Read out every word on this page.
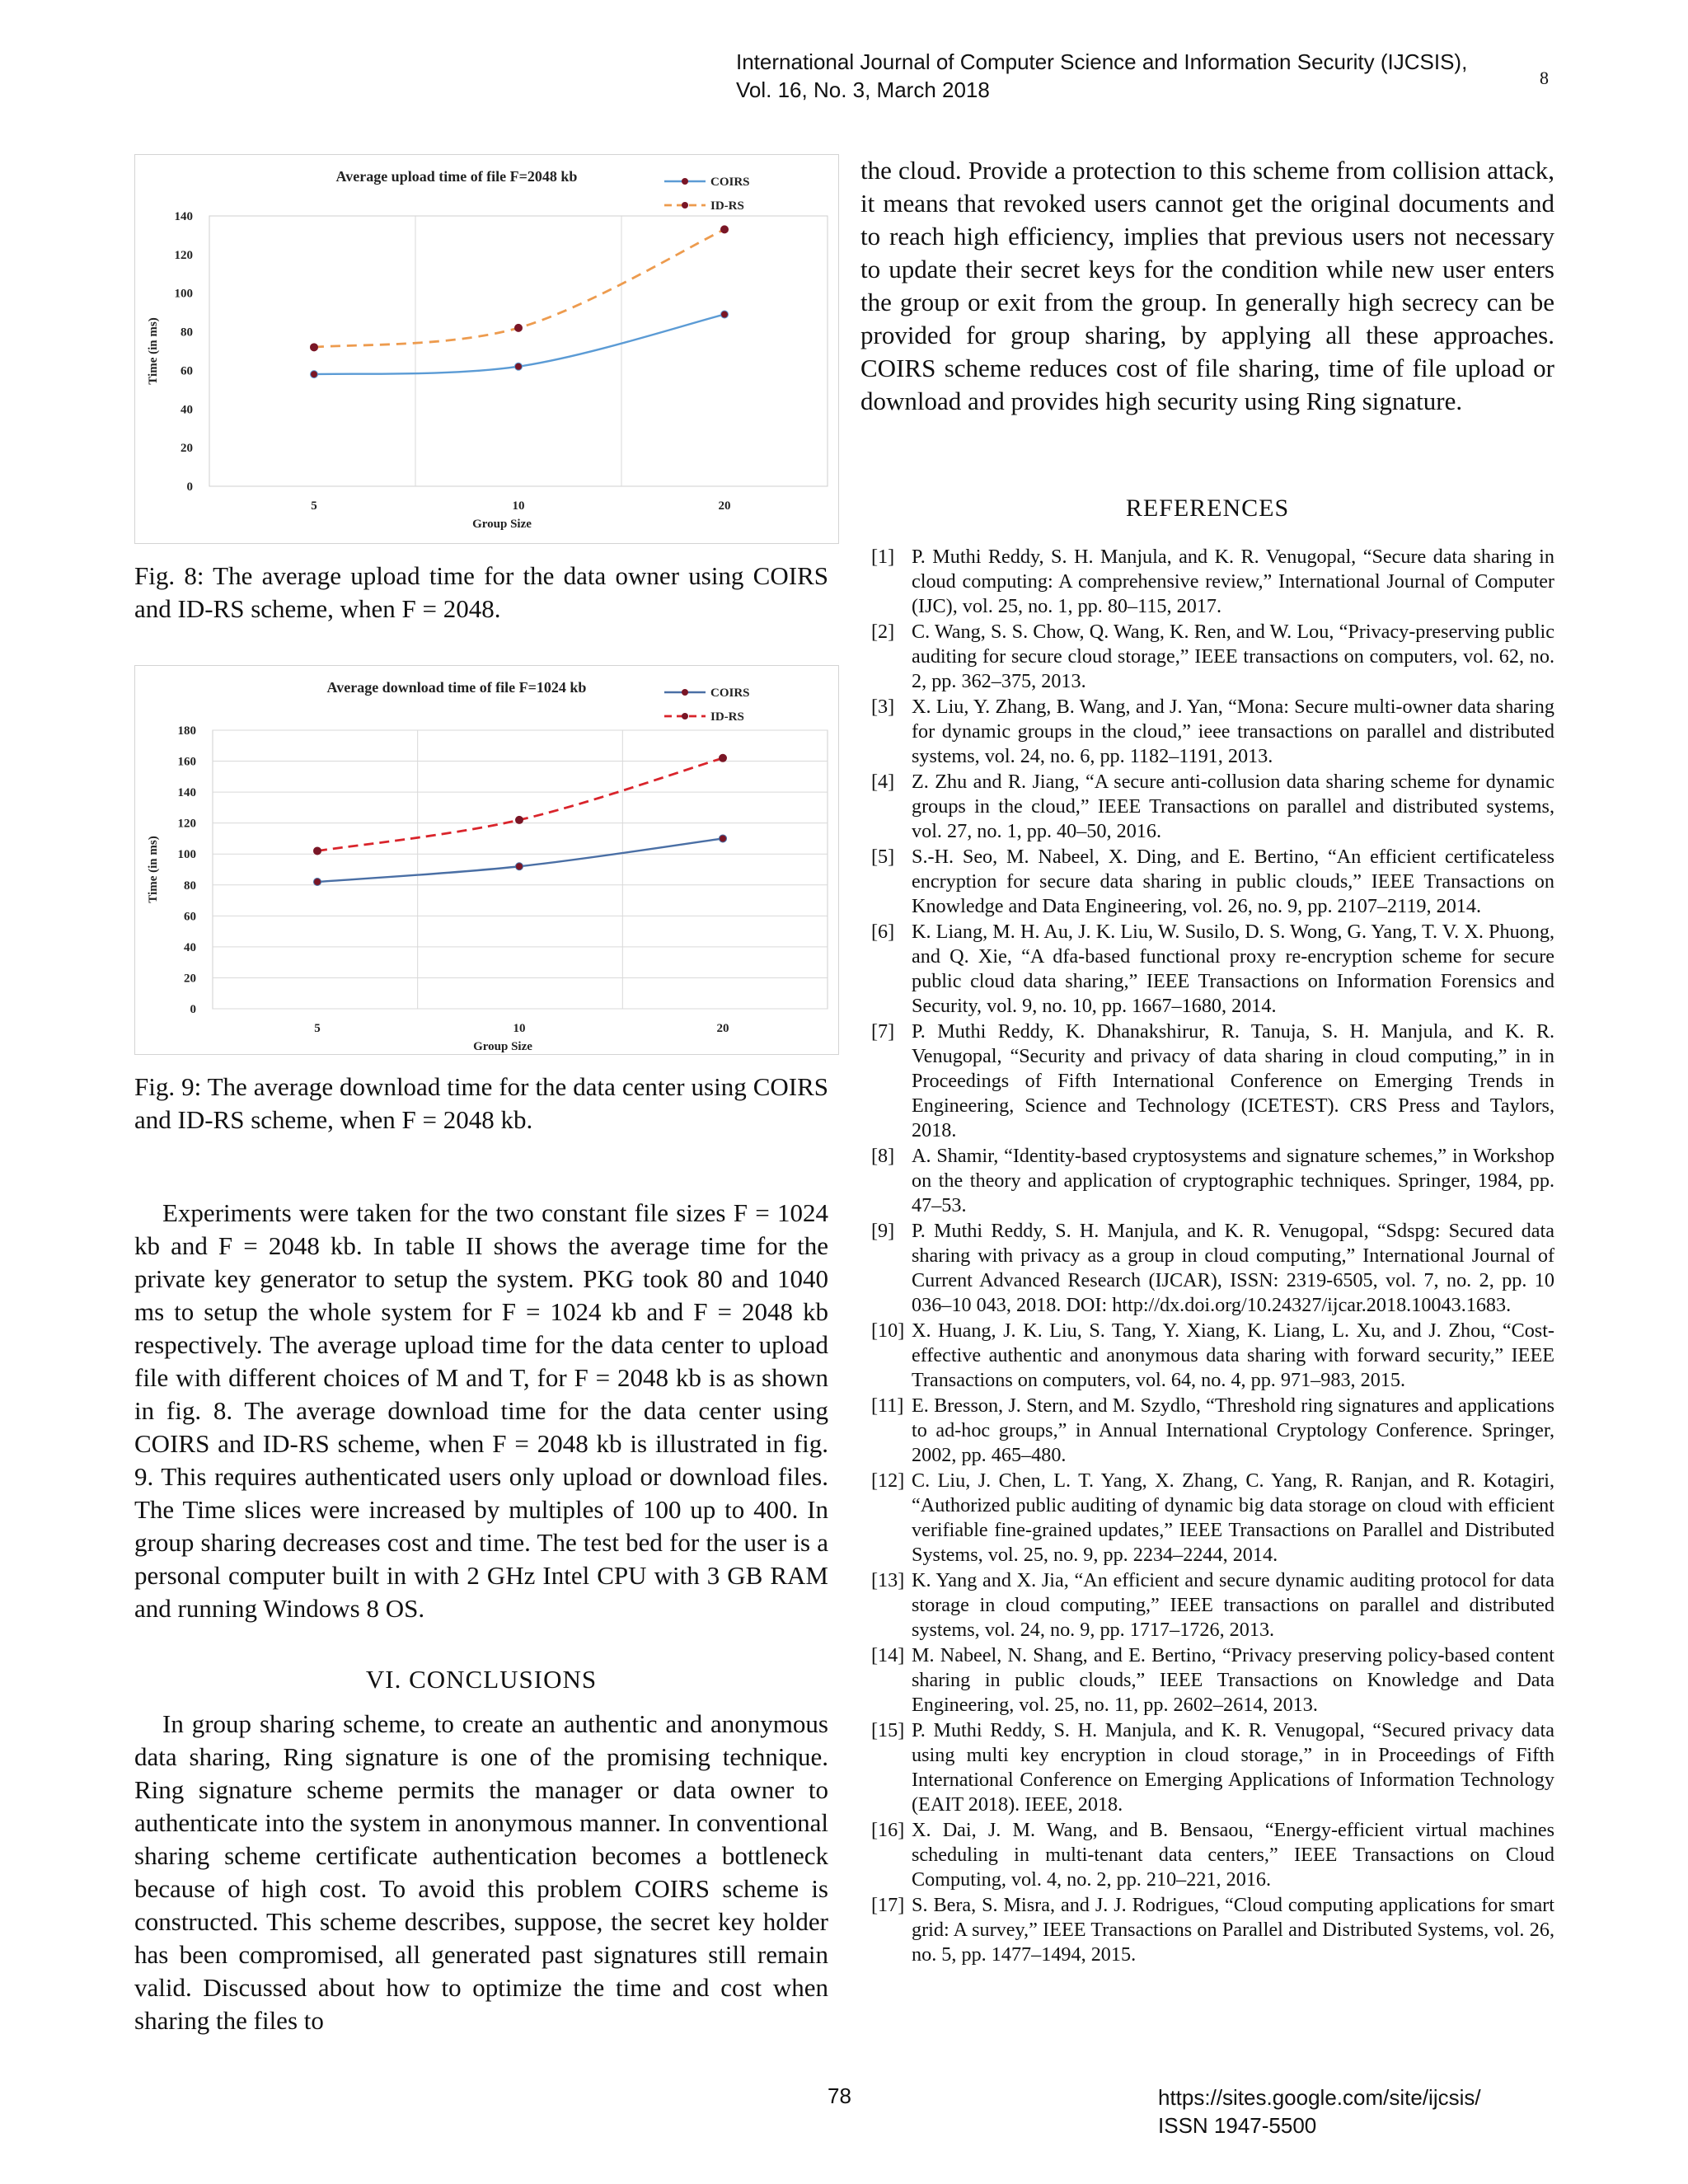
International Journal of Computer Science and Information Security (IJCSIS),
Vol. 16, No. 3, March 2018	8
0
20
40
60
80
100
120
140
5	10	20
Average upload time of file F=2048 kb
Group Size
Time (in ms)
COIRS
ID-RS
Fig. 8: The average upload time for the data owner using COIRS and ID-RS scheme, when F = 2048.
0
20
40
60
80
100
120
140
160
180
5	10	20
Average download time of file F=1024 kb
Group Size
Time (in ms)
COIRS
ID-RS
Fig. 9: The average download time for the data center using COIRS and ID-RS scheme, when F = 2048 kb.

Experiments were taken for the two constant file sizes F = 1024 kb and F = 2048 kb. In table II shows the average time for the private key generator to setup the system. PKG took 80 and 1040 ms to setup the whole system for F = 1024 kb and F = 2048 kb respectively. The average upload time for the data center to upload file with different choices of M and T, for F = 2048 kb is as shown in fig. 8. The average download time for the data center using COIRS and ID-RS scheme, when F = 2048 kb is illustrated in fig. 9. This requires authenticated users only upload or download files. The Time slices were increased by multiples of 100 up to 400. In group sharing decreases cost and time. The test bed for the user is a personal computer built in with 2 GHz Intel CPU with 3 GB RAM and running Windows 8 OS.

VI. CONCLUSIONS

In group sharing scheme, to create an authentic and anonymous data sharing, Ring signature is one of the promising technique. Ring signature scheme permits the manager or data owner to authenticate into the system in anonymous manner. In conventional sharing scheme certificate authentication becomes a bottleneck because of high cost. To avoid this problem COIRS scheme is constructed. This scheme describes, suppose, the secret key holder has been compromised, all generated past signatures still remain valid. Discussed about how to optimize the time and cost when sharing the files to

the cloud. Provide a protection to this scheme from collision attack, it means that revoked users cannot get the original documents and to reach high efficiency, implies that previous users not necessary to update their secret keys for the condition while new user enters the group or exit from the group. In generally high secrecy can be provided for group sharing, by applying all these approaches. COIRS scheme reduces cost of file sharing, time of file upload or download and provides high security using Ring signature.
REFERENCES
[1] P. Muthi Reddy, S. H. Manjula, and K. R. Venugopal, “Secure data sharing in cloud computing: A comprehensive review,” International Journal of Computer (IJC), vol. 25, no. 1, pp. 80–115, 2017.
[2] C. Wang, S. S. Chow, Q. Wang, K. Ren, and W. Lou, “Privacy-preserving public auditing for secure cloud storage,” IEEE transactions on computers, vol. 62, no. 2, pp. 362–375, 2013.
[3] X. Liu, Y. Zhang, B. Wang, and J. Yan, “Mona: Secure multi-owner data sharing for dynamic groups in the cloud,” ieee transactions on parallel and distributed systems, vol. 24, no. 6, pp. 1182–1191, 2013.
[4] Z. Zhu and R. Jiang, “A secure anti-collusion data sharing scheme for dynamic groups in the cloud,” IEEE Transactions on parallel and distributed systems, vol. 27, no. 1, pp. 40–50, 2016.
[5] S.-H. Seo, M. Nabeel, X. Ding, and E. Bertino, “An efficient certificateless encryption for secure data sharing in public clouds,” IEEE Transactions on Knowledge and Data Engineering, vol. 26, no. 9, pp. 2107–2119, 2014.
[6] K. Liang, M. H. Au, J. K. Liu, W. Susilo, D. S. Wong, G. Yang, T. V. X. Phuong, and Q. Xie, “A dfa-based functional proxy re-encryption scheme for secure public cloud data sharing,” IEEE Transactions on Information Forensics and Security, vol. 9, no. 10, pp. 1667–1680, 2014.
[7] P. Muthi Reddy, K. Dhanakshirur, R. Tanuja, S. H. Manjula, and K. R. Venugopal, “Security and privacy of data sharing in cloud computing,” in in Proceedings of Fifth International Conference on Emerging Trends in Engineering, Science and Technology (ICETEST). CRS Press and Taylors, 2018.
[8] A. Shamir, “Identity-based cryptosystems and signature schemes,” in Workshop on the theory and application of cryptographic techniques. Springer, 1984, pp. 47–53.
[9] P. Muthi Reddy, S. H. Manjula, and K. R. Venugopal, “Sdspg: Secured data sharing with privacy as a group in cloud computing,” International Journal of Current Advanced Research (IJCAR), ISSN: 2319-6505, vol. 7, no. 2, pp. 10 036–10 043, 2018. DOI: http://dx.doi.org/10.24327/ijcar.2018.10043.1683.
[10] X. Huang, J. K. Liu, S. Tang, Y. Xiang, K. Liang, L. Xu, and J. Zhou, “Cost-effective authentic and anonymous data sharing with forward security,” IEEE Transactions on computers, vol. 64, no. 4, pp. 971–983, 2015.
[11] E. Bresson, J. Stern, and M. Szydlo, “Threshold ring signatures and applications to ad-hoc groups,” in Annual International Cryptology Conference. Springer, 2002, pp. 465–480.
[12] C. Liu, J. Chen, L. T. Yang, X. Zhang, C. Yang, R. Ranjan, and R. Kotagiri, “Authorized public auditing of dynamic big data storage on cloud with efficient verifiable fine-grained updates,” IEEE Transactions on Parallel and Distributed Systems, vol. 25, no. 9, pp. 2234–2244, 2014.
[13] K. Yang and X. Jia, “An efficient and secure dynamic auditing protocol for data storage in cloud computing,” IEEE transactions on parallel and distributed systems, vol. 24, no. 9, pp. 1717–1726, 2013.
[14] M. Nabeel, N. Shang, and E. Bertino, “Privacy preserving policy-based content sharing in public clouds,” IEEE Transactions on Knowledge and Data Engineering, vol. 25, no. 11, pp. 2602–2614, 2013.
[15] P. Muthi Reddy, S. H. Manjula, and K. R. Venugopal, “Secured privacy data using multi key encryption in cloud storage,” in in Proceedings of Fifth International Conference on Emerging Applications of Information Technology (EAIT 2018). IEEE, 2018.
[16] X. Dai, J. M. Wang, and B. Bensaou, “Energy-efficient virtual machines scheduling in multi-tenant data centers,” IEEE Transactions on Cloud Computing, vol. 4, no. 2, pp. 210–221, 2016.
[17] S. Bera, S. Misra, and J. J. Rodrigues, “Cloud computing applications for smart grid: A survey,” IEEE Transactions on Parallel and Distributed Systems, vol. 26, no. 5, pp. 1477–1494, 2015.
78	https://sites.google.com/site/ijcsis/
ISSN 1947-5500
